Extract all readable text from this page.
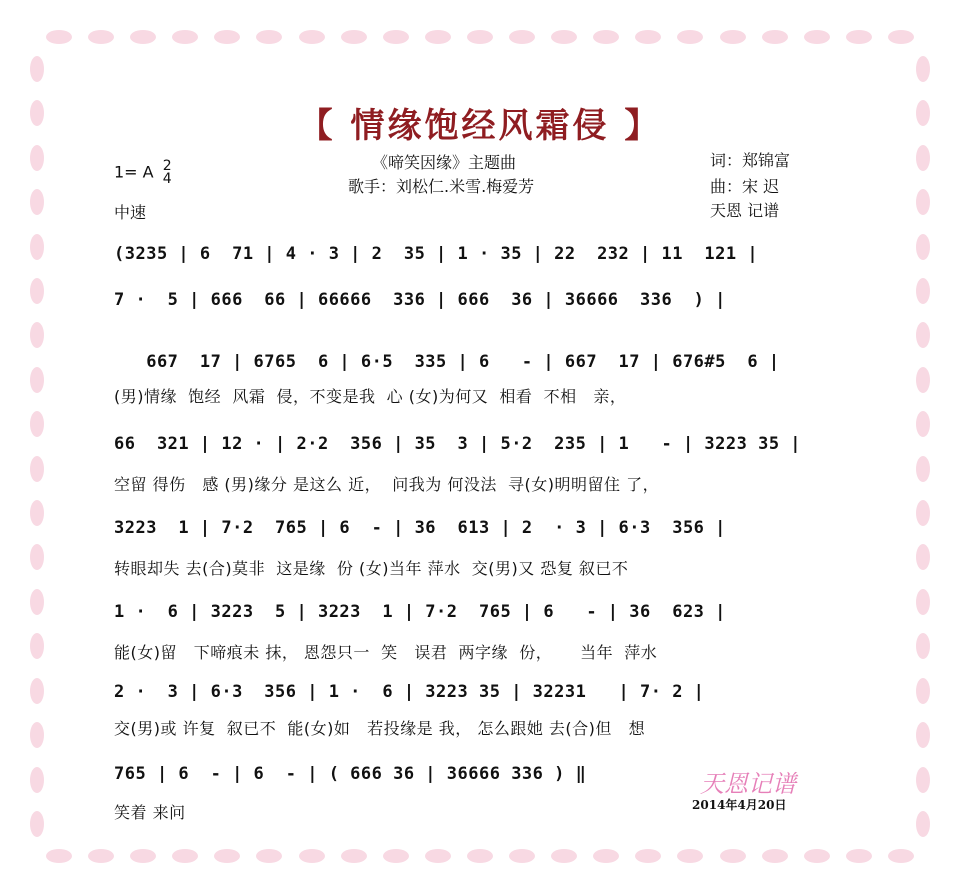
【 情缘饱经风霜侵 】
1= A 2
4
中速
《啼笑因缘》主题曲
歌手：刘松仁.米雪.梅爱芳
词：郑锦富
曲：宋 迟
天恩 记谱
(3235 | 6  71 | 4 · 3 | 2  35 | 1 · 35 | 22  232 | 11  121 |
7 ·  5 | 666  66 | 66666  336 | 666  36 | 36666  336  ) |
667  17 | 6765  6 | 6·5  335 | 6   - | 667  17 | 676#5  6 |
(男)情缘  饱经  风霜  侵，不变是我  心 (女)为何又  相看  不相   亲，
66  321 | 12 · | 2·2  356 | 35  3 | 5·2  235 | 1   - | 3223 35 |
空留 得伤   感 (男)缘分 是这么 近，  问我为 何没法  寻(女)明明留住 了，
3223  1 | 7·2  765 | 6  - | 36  613 | 2  · 3 | 6·3  356 |
转眼却失 去(合)莫非  这是缘  份 (女)当年 萍水  交(男)又 恐复 叙已不
1 ·  6 | 3223  5 | 3223  1 | 7·2  765 | 6   - | 36  623 |
能(女)留   下啼痕未 抹， 恩怨只一  笑   误君  两字缘  份，     当年  萍水
2 ·  3 | 6·3  356 | 1 ·  6 | 3223 35 | 32231   | 7· 2 |
交(男)或 许复  叙已不  能(女)如   若投缘是 我， 怎么跟她 去(合)但   想
765 | 6  - | 6  - | ( 666 36 | 36666 336 ) ‖
笑着 来问
天恩记谱
2014年4月20日
